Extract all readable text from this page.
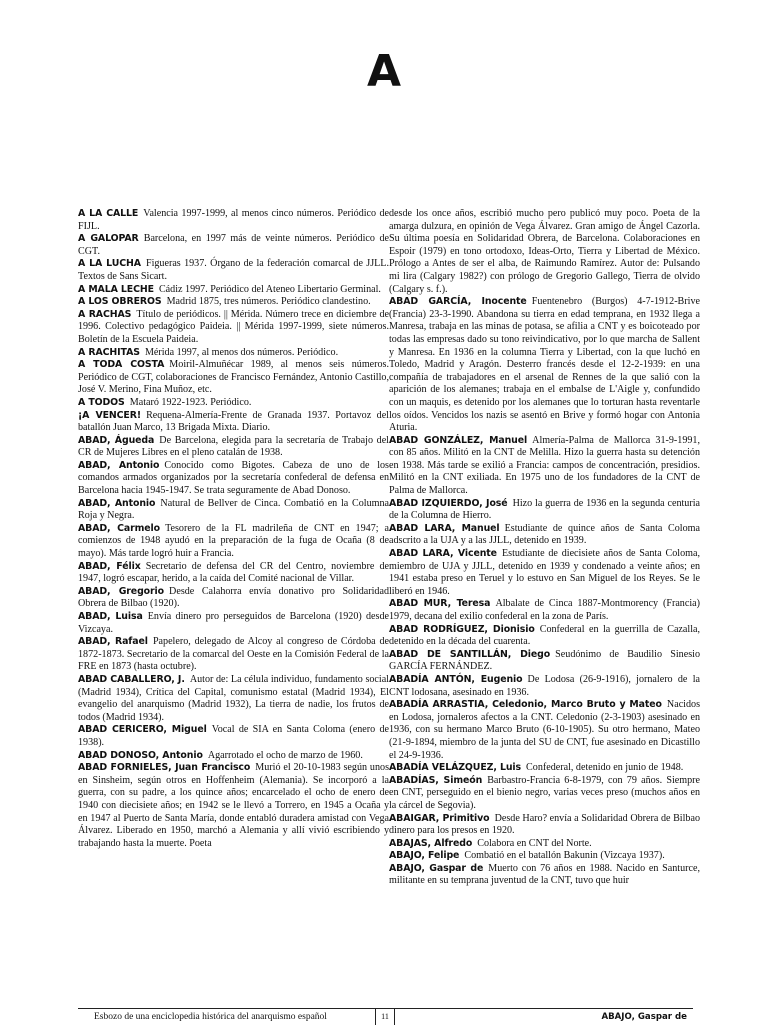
A

A LA CALLE  Valencia 1997-1999, al menos cinco números. Periódico de FIJL.

A GALOPAR  Barcelona, en 1997 más de veinte números. Periódico de CGT.

A LA LUCHA  Figueras 1937. Órgano de la federación comarcal de JJLL. Textos de Sans Sicart.

A MALA LECHE  Cádiz 1997. Periódico del Ateneo Libertario Germinal.

A LOS OBREROS  Madrid 1875, tres números. Periódico clandestino.

A RACHAS  Título de periódicos. || Mérida. Número trece en diciembre de 1996. Colectivo pedagógico Paideia. || Mérida 1997-1999, siete números. Boletín de la Escuela Paideia.

A RACHITAS  Mérida 1997, al menos dos números. Periódico.

A TODA COSTA  Moiril-Almuñécar 1989, al menos seis números. Periódico de CGT, colaboraciones de Francisco Fernández, Antonio Castillo, José V. Merino, Fina Muñoz, etc.

A TODOS  Mataró 1922-1923. Periódico.

¡A VENCER!  Requena-Almería-Frente de Granada 1937. Portavoz del batallón Juan Marco, 13 Brigada Mixta. Diario.

ABAD, Águeda  De Barcelona, elegida para la secretaría de Trabajo del CR de Mujeres Libres en el pleno catalán de 1938.

ABAD, Antonio  Conocido como Bigotes. Cabeza de uno de los comandos armados organizados por la secretaría confederal de defensa en Barcelona hacia 1945-1947. Se trata seguramente de Abad Donoso.

ABAD, Antonio  Natural de Bellver de Cinca. Combatió en la Columna Roja y Negra.

ABAD, Carmelo  Tesorero de la FL madrileña de CNT en 1947; a comienzos de 1948 ayudó en la preparación de la fuga de Ocaña (8 de mayo). Más tarde logró huir a Francia.

ABAD, Félix  Secretario de defensa del CR del Centro, noviembre de 1947, logró escapar, herido, a la caída del Comité nacional de Villar.

ABAD, Gregorio  Desde Calahorra envía donativo pro Solidaridad Obrera de Bilbao (1920).

ABAD, Luisa  Envía dinero pro perseguidos de Barcelona (1920) desde Vizcaya.

ABAD, Rafael  Papelero, delegado de Alcoy al congreso de Córdoba de 1872-1873. Secretario de la comarcal del Oeste en la Comisión Federal de la FRE en 1873 (hasta octubre).

ABAD CABALLERO, J.  Autor de: La célula individuo, fundamento social (Madrid 1934), Crítica del Capital, comunismo estatal (Madrid 1934), El evangelio del anarquismo (Madrid 1932), La tierra de nadie, los frutos de todos (Madrid 1934).

ABAD CERICERO, Miguel  Vocal de SIA en Santa Coloma (enero de 1938).

ABAD DONOSO, Antonio  Agarrotado el ocho de marzo de 1960.

ABAD FORNIELES, Juan Francisco  Murió el 20-10-1983 según unos en Sinsheim, según otros en Hoffenheim (Alemania). Se incorporó a la guerra, con su padre, a los quince años; encarcelado el ocho de enero de 1940 con diecisiete años; en 1942 se le llevó a Torrero, en 1945 a Ocaña y en 1947 al Puerto de Santa María, donde entabló duradera amistad con Vega Álvarez. Liberado en 1950, marchó a Alemania y allí vivió escribiendo y trabajando hasta la muerte. Poeta

desde los once años, escribió mucho pero publicó muy poco. Poeta de la amarga dulzura, en opinión de Vega Álvarez. Gran amigo de Ángel Cazorla. Su última poesía en Solidaridad Obrera, de Barcelona. Colaboraciones en Espoir (1979) en tono ortodoxo, Ideas-Orto, Tierra y Libertad de México. Prólogo a Antes de ser el alba, de Raimundo Ramírez. Autor de: Pulsando mi lira (Calgary 1982?) con prólogo de Gregorio Gallego, Tierra de olvido (Calgary s. f.).

ABAD GARCÍA, Inocente  Fuentenebro (Burgos) 4-7-1912-Brive (Francia) 23-3-1990. Abandona su tierra en edad temprana, en 1932 llega a Manresa, trabaja en las minas de potasa, se afilia a CNT y es boicoteado por todas las empresas dado su tono reivindicativo, por lo que marcha de Sallent y Manresa. En 1936 en la columna Tierra y Libertad, con la que luchó en Toledo, Madrid y Aragón. Desterro francés desde el 12-2-1939: en una compañía de trabajadores en el arsenal de Rennes de la que salió con la aparición de los alemanes; trabaja en el embalse de L'Aigle y, confundido con un maquis, es detenido por los alemanes que lo torturan hasta reventarle los oídos. Vencidos los nazis se asentó en Brive y formó hogar con Antonia Aturia.

ABAD GONZÁLEZ, Manuel  Almería-Palma de Mallorca 31-9-1991, con 85 años. Militó en la CNT de Melilla. Hizo la guerra hasta su detención en 1938. Más tarde se exilió a Francia: campos de concentración, presidios. Militó en la CNT exiliada. En 1975 uno de los fundadores de la CNT de Palma de Mallorca.

ABAD IZQUIERDO, José  Hizo la guerra de 1936 en la segunda centuria de la Columna de Hierro.

ABAD LARA, Manuel  Estudiante de quince años de Santa Coloma adscrito a la UJA y a las JJLL, detenido en 1939.

ABAD LARA, Vicente  Estudiante de diecisiete años de Santa Coloma, miembro de UJA y JJLL, detenido en 1939 y condenado a veinte años; en 1941 estaba preso en Teruel y lo estuvo en San Miguel de los Reyes. Se le liberó en 1946.

ABAD MUR, Teresa  Albalate de Cinca 1887-Montmorency (Francia) 1979, decana del exilio confederal en la zona de París.

ABAD RODRÍGUEZ, Dionisio  Confederal en la guerrilla de Cazalla, detenido en la década del cuarenta.

ABAD DE SANTILLÁN, Diego  Seudónimo de Baudilio Sinesio GARCÍA FERNÁNDEZ.

ABADÍA ANTÓN, Eugenio  De Lodosa (26-9-1916), jornalero de la CNT lodosana, asesinado en 1936.

ABADÍA ARRASTIA, Celedonio, Marco Bruto y Mateo  Nacidos en Lodosa, jornaleros afectos a la CNT. Celedonio (2-3-1903) asesinado en 1936, con su hermano Marco Bruto (6-10-1905). Su otro hermano, Mateo (21-9-1894, miembro de la junta del SU de CNT, fue asesinado en Dicastillo el 24-9-1936.

ABADÍA VELÁZQUEZ, Luis  Confederal, detenido en junio de 1948.

ABADÍAS, Simeón  Barbastro-Francia 6-8-1979, con 79 años. Siempre en CNT, perseguido en el bienio negro, varias veces preso (muchos años en la cárcel de Segovia).

ABAIGAR, Primitivo  Desde Haro? envía a Solidaridad Obrera de Bilbao dinero para los presos en 1920.

ABAJAS, Alfredo  Colabora en CNT del Norte.

ABAJO, Felipe  Combatió en el batallón Bakunin (Vizcaya 1937).

ABAJO, Gaspar de  Muerto con 76 años en 1988. Nacido en Santurce, militante en su temprana juventud de la CNT, tuvo que huir

Esbozo de una enciclopedia histórica del anarquismo español	11	ABAJO, Gaspar de
